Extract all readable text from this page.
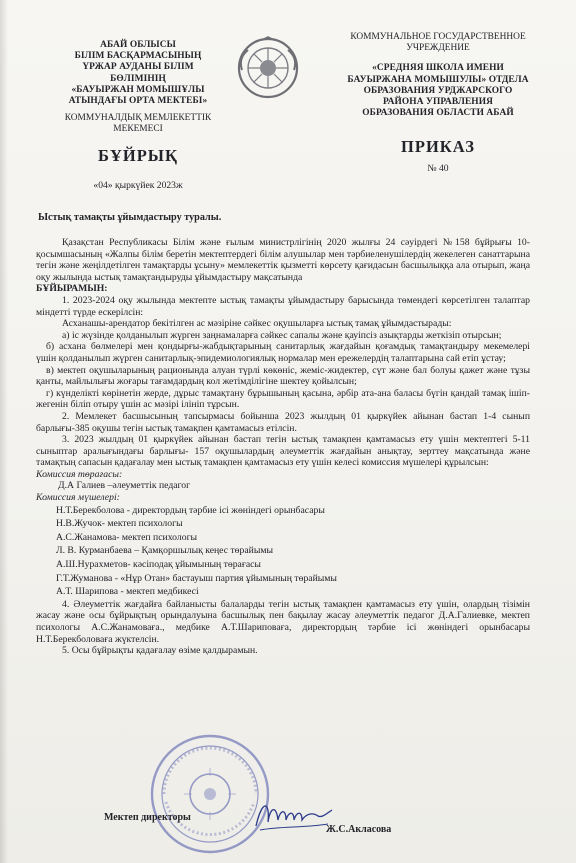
АБАЙ ОБЛЫСЫ
БІЛІМ БАСҚАРМАСЫНЫҢ
ҮРЖАР АУДАНЫ БІЛІМ БӨЛІМІНІҢ
«БАУЫРЖАН МОМЫШҰЛЫ
АТЫНДАҒЫ ОРТА МЕКТЕБІ»
КОММУНАЛДЫҚ МЕМЛЕКЕТТІК
МЕКЕМЕСІ
БҰЙРЫҚ
«04» қыркүйек 2023ж
КОММУНАЛЬНОЕ ГОСУДАРСТВЕННОЕ
УЧРЕЖДЕНИЕ
«СРЕДНЯЯ ШКОЛА ИМЕНИ
БАУЫРЖАНА МОМЫШУЛЫ» ОТДЕЛА
ОБРАЗОВАНИЯ УРДЖАРСКОГО
РАЙОНА УПРАВЛЕНИЯ
ОБРАЗОВАНИЯ ОБЛАСТИ АБАЙ
ПРИКАЗ
№ 40
Ыстық тамақты ұйымдастыру туралы.

Қазақстан Республикасы Білім және ғылым министрлігінің 2020 жылғы 24 сәуірдегі №158 бұйрығы 10-қосымшасының «Жалпы білім беретін мектептердегі білім алушылар мен тәрбиеленушілердің жекелеген санаттарына тегін және жеңілдетілген тамақтарды ұсыну» мемлекеттік қызметті көрсету қағидасын басшылыққа ала отырып, жаңа оқу жылында ыстық тамақтандыруды ұйымдастыру мақсатында

БҰЙЫРАМЫН:

1. 2023-2024 оқу жылында мектепте ыстық тамақты ұйымдастыру барысында төмендегі көрсетілген талаптар міндетті түрде ескерілсін:

Асханашы-арендатор бекітілген ас мәзіріне сәйкес оқушыларға ыстық тамақ ұйымдастырады:

а) іс жүзінде қолданылып жүрген заңнамаларға сәйкес сапалы және қауіпсіз азықтарды жеткізіп отырсын;

б) асхана бөлмелері мен қондырғы-жабдықтарының санитарлық жағдайын қоғамдық тамақтандыру мекемелері үшін қолданылып жүрген санитарлық-эпидемиологиялық нормалар мен ережелердің талаптарына сай етіп ұстау;

в) мектеп оқушыларының рационында алуан түрлі көкөніс, жеміс-жидектер, сүт және бал болуы қажет және тұзы қанты, майлылығы жоғары тағамдардың кол жетімділігіне шектеу қойылсын;

г) күнделікті көрінетін жерде, дұрыс тамақтану бұрышының қасына, әрбір ата-ана баласы бүгін қандай тамақ ішіп-жегенін біліп отыру үшін ас мәзірі ілініп тұрсын.

2. Мемлекет басшысының тапсырмасы бойынша 2023 жылдың 01 қыркүйек айынан бастап 1-4 сынып барлығы-385 оқушы тегін ыстық тамақпен қамтамасыз етілсін.

3. 2023 жылдың 01 қыркүйек айынан бастап тегін ыстық тамақпен қамтамасыз ету үшін мектептегі 5-11 сыныптар аралығындағы барлығы- 157 оқушылардың әлеуметтік жағдайын анықтау, зерттеу мақсатында және тамақтың сапасын қадағалау мен ыстық тамақпен қамтамасыз ету үшін келесі комиссия мүшелері құрылсын:

Комиссия төрағасы:

Д.А Галиев –әлеуметтік педагог

Комиссия мүшелері:

Н.Т.Берекболова - директордың тәрбие ісі жөніндегі орынбасары

Н.В.Жучок- мектеп психологы

А.С.Жанамова- мектеп психологы

Л. В. Курманбаева – Қамқоршылық кеңес төрайымы

А.Ш.Нурахметов- кәсіподақ ұйымының төрағасы

Г.Т.Жуманова - «Нұр Отан» бастауыш партия ұйымының төрайымы

А.Т. Шарипова - мектеп медбикесі

4. Әлеуметтік жағдайға байланысты балаларды тегін ыстық тамақпен қамтамасыз ету үшін, олардың тізімін жасау және осы бұйрықтың орындалуына басшылық пен бақылау жасау әлеуметтік педагог Д.А.Галиевке, мектеп психологы А.С.Жанамоваға., медбике А.Т.Шариповаға, директордың тәрбие ісі жөніндегі орынбасары Н.Т.Берекболоваға жүктелсін.

5. Осы бұйрықты қадағалау өзіме қалдырамын.

Мектеп директоры
Ж.С.Акласова
